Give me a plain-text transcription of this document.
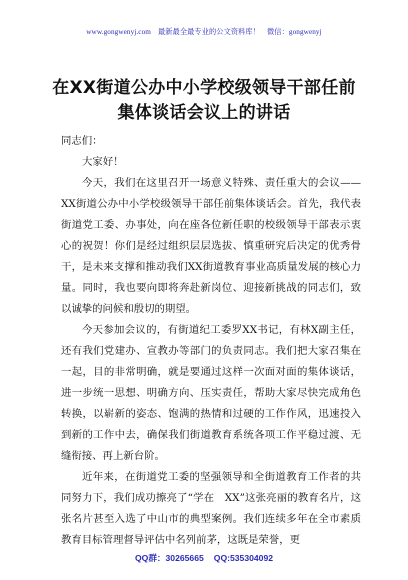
www.gongwenyj.com 最新最全最专业的公文资料库！ 微信：gongwenyj
在XX街道公办中小学校级领导干部任前
集体谈话会议上的讲话

同志们：

大家好！

今天，我们在这里召开一场意义特殊、责任重大的会议——XX街道公办中小学校级领导干部任前集体谈话会。首先，我代表街道党工委、办事处，向在座各位新任职的校级领导干部表示衷心的祝贺！你们是经过组织层层选拔、慎重研究后决定的优秀骨干，是未来支撑和推动我们XX街道教育事业高质量发展的核心力量。同时，我也要向即将奔赴新岗位、迎接新挑战的同志们，致以诚挚的问候和殷切的期望。

今天参加会议的，有街道纪工委罗XX书记，有林X副主任，还有我们党建办、宣教办等部门的负责同志。我们把大家召集在一起，目的非常明确，就是要通过这样一次面对面的集体谈话，进一步统一思想、明确方向、压实责任，帮助大家尽快完成角色转换，以崭新的姿态、饱满的热情和过硬的工作作风，迅速投入到新的工作中去，确保我们街道教育系统各项工作平稳过渡、无缝衔接、再上新台阶。

近年来，在街道党工委的坚强领导和全街道教育工作者的共同努力下，我们成功擦亮了“学在　XX”这张亮丽的教育名片，这张名片甚至入选了中山市的典型案例。我们连续多年在全市素质教育目标管理督导评估中名列前茅，这既是荣誉，更

QQ群：30265665 QQ:535304092
